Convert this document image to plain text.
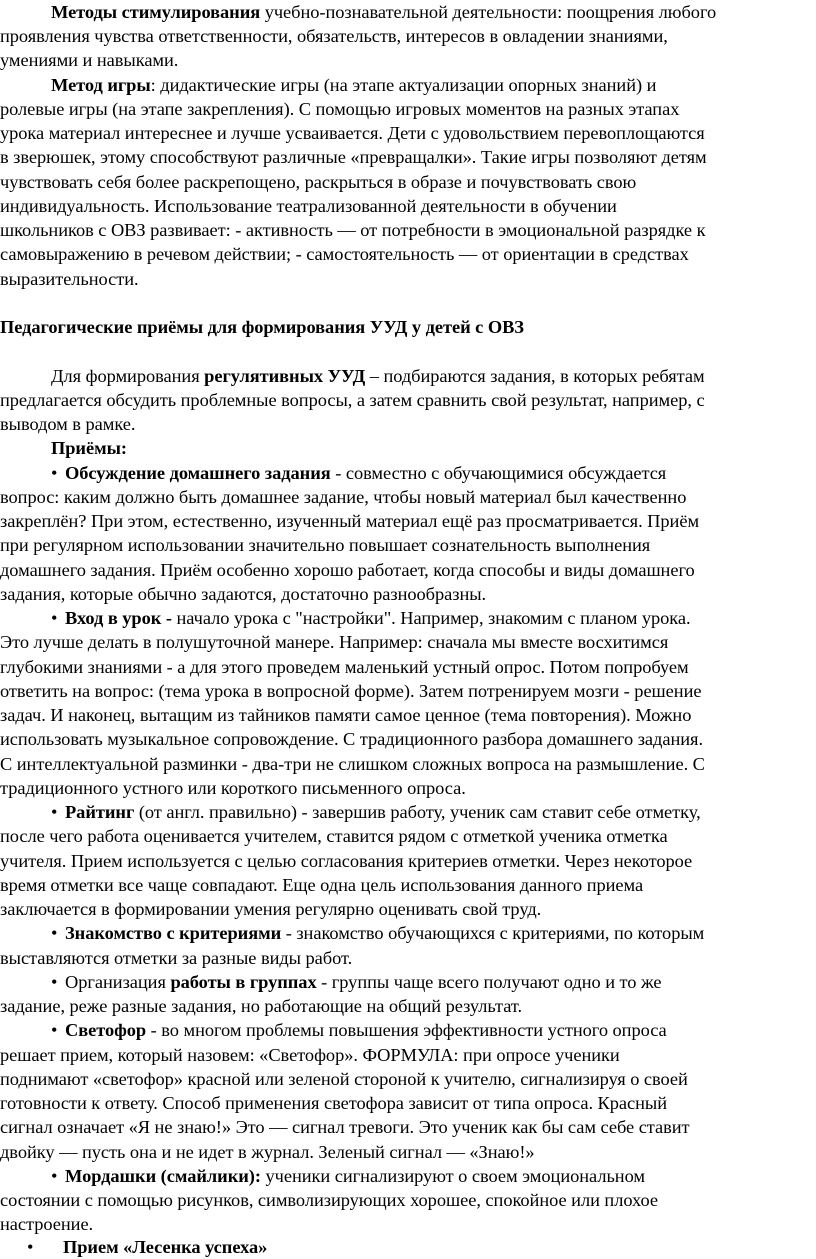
Методы стимулирования учебно-познавательной деятельности: поощрения любого
проявления чувства ответственности, обязательств, интересов в овладении знаниями,
умениями и навыками.
Метод игры: дидактические игры (на этапе актуализации опорных знаний) и
ролевые игры (на этапе закрепления). С помощью игровых моментов на разных этапах
урока материал интереснее и лучше усваивается. Дети с удовольствием перевоплощаются
в зверюшек, этому способствуют различные «превращалки». Такие игры позволяют детям
чувствовать себя более раскрепощено, раскрыться в образе и почувствовать свою
индивидуальность. Использование театрализованной деятельности в обучении
школьников с ОВЗ развивает: - активность — от потребности в эмоциональной разрядке к
самовыражению в речевом действии; - самостоятельность — от ориентации в средствах
выразительности.
Педагогические приёмы для формирования УУД у детей с ОВЗ
Для формирования регулятивных УУД – подбираются задания, в которых ребятам
предлагается обсудить проблемные вопросы, а затем сравнить свой результат, например, с
выводом в рамке.
Приёмы:
• Обсуждение домашнего задания - совместно с обучающимися обсуждается
вопрос: каким должно быть домашнее задание, чтобы новый материал был качественно
закреплён? При этом, естественно, изученный материал ещё раз просматривается. Приём
при регулярном использовании значительно повышает сознательность выполнения
домашнего задания. Приём особенно хорошо работает, когда способы и виды домашнего
задания, которые обычно задаются, достаточно разнообразны.
• Вход в урок - начало урока с "настройки". Например, знакомим с планом урока.
Это лучше делать в полушуточной манере. Например: сначала мы вместе восхитимся
глубокими знаниями - а для этого проведем маленький устный опрос. Потом попробуем
ответить на вопрос: (тема урока в вопросной форме). Затем потренируем мозги - решение
задач. И наконец, вытащим из тайников памяти самое ценное (тема повторения). Можно
использовать музыкальное сопровождение. С традиционного разбора домашнего задания.
С интеллектуальной разминки - два-три не слишком сложных вопроса на размышление. С
традиционного устного или короткого письменного опроса.
• Райтинг (от англ. правильно) - завершив работу, ученик сам ставит себе отметку,
после чего работа оценивается учителем, ставится рядом с отметкой ученика отметка
учителя. Прием используется с целью согласования критериев отметки. Через некоторое
время отметки все чаще совпадают. Еще одна цель использования данного приема
заключается в формировании умения регулярно оценивать свой труд.
• Знакомство с критериями - знакомство обучающихся с критериями, по которым
выставляются отметки за разные виды работ.
• Организация работы в группах - группы чаще всего получают одно и то же
задание, реже разные задания, но работающие на общий результат.
• Светофор - во многом проблемы повышения эффективности устного опроса
решает прием, который назовем: «Светофор». ФОРМУЛА: при опросе ученики
поднимают «светофор» красной или зеленой стороной к учителю, сигнализируя о своей
готовности к ответу. Способ применения светофора зависит от типа опроса. Красный
сигнал означает «Я не знаю!» Это — сигнал тревоги. Это ученик как бы сам себе ставит
двойку — пусть она и не идет в журнал. Зеленый сигнал — «Знаю!»
• Мордашки (смайлики): ученики сигнализируют о своем эмоциональном
состоянии с помощью рисунков, символизирующих хорошее, спокойное или плохое
настроение.
• Прием «Лесенка успеха»
